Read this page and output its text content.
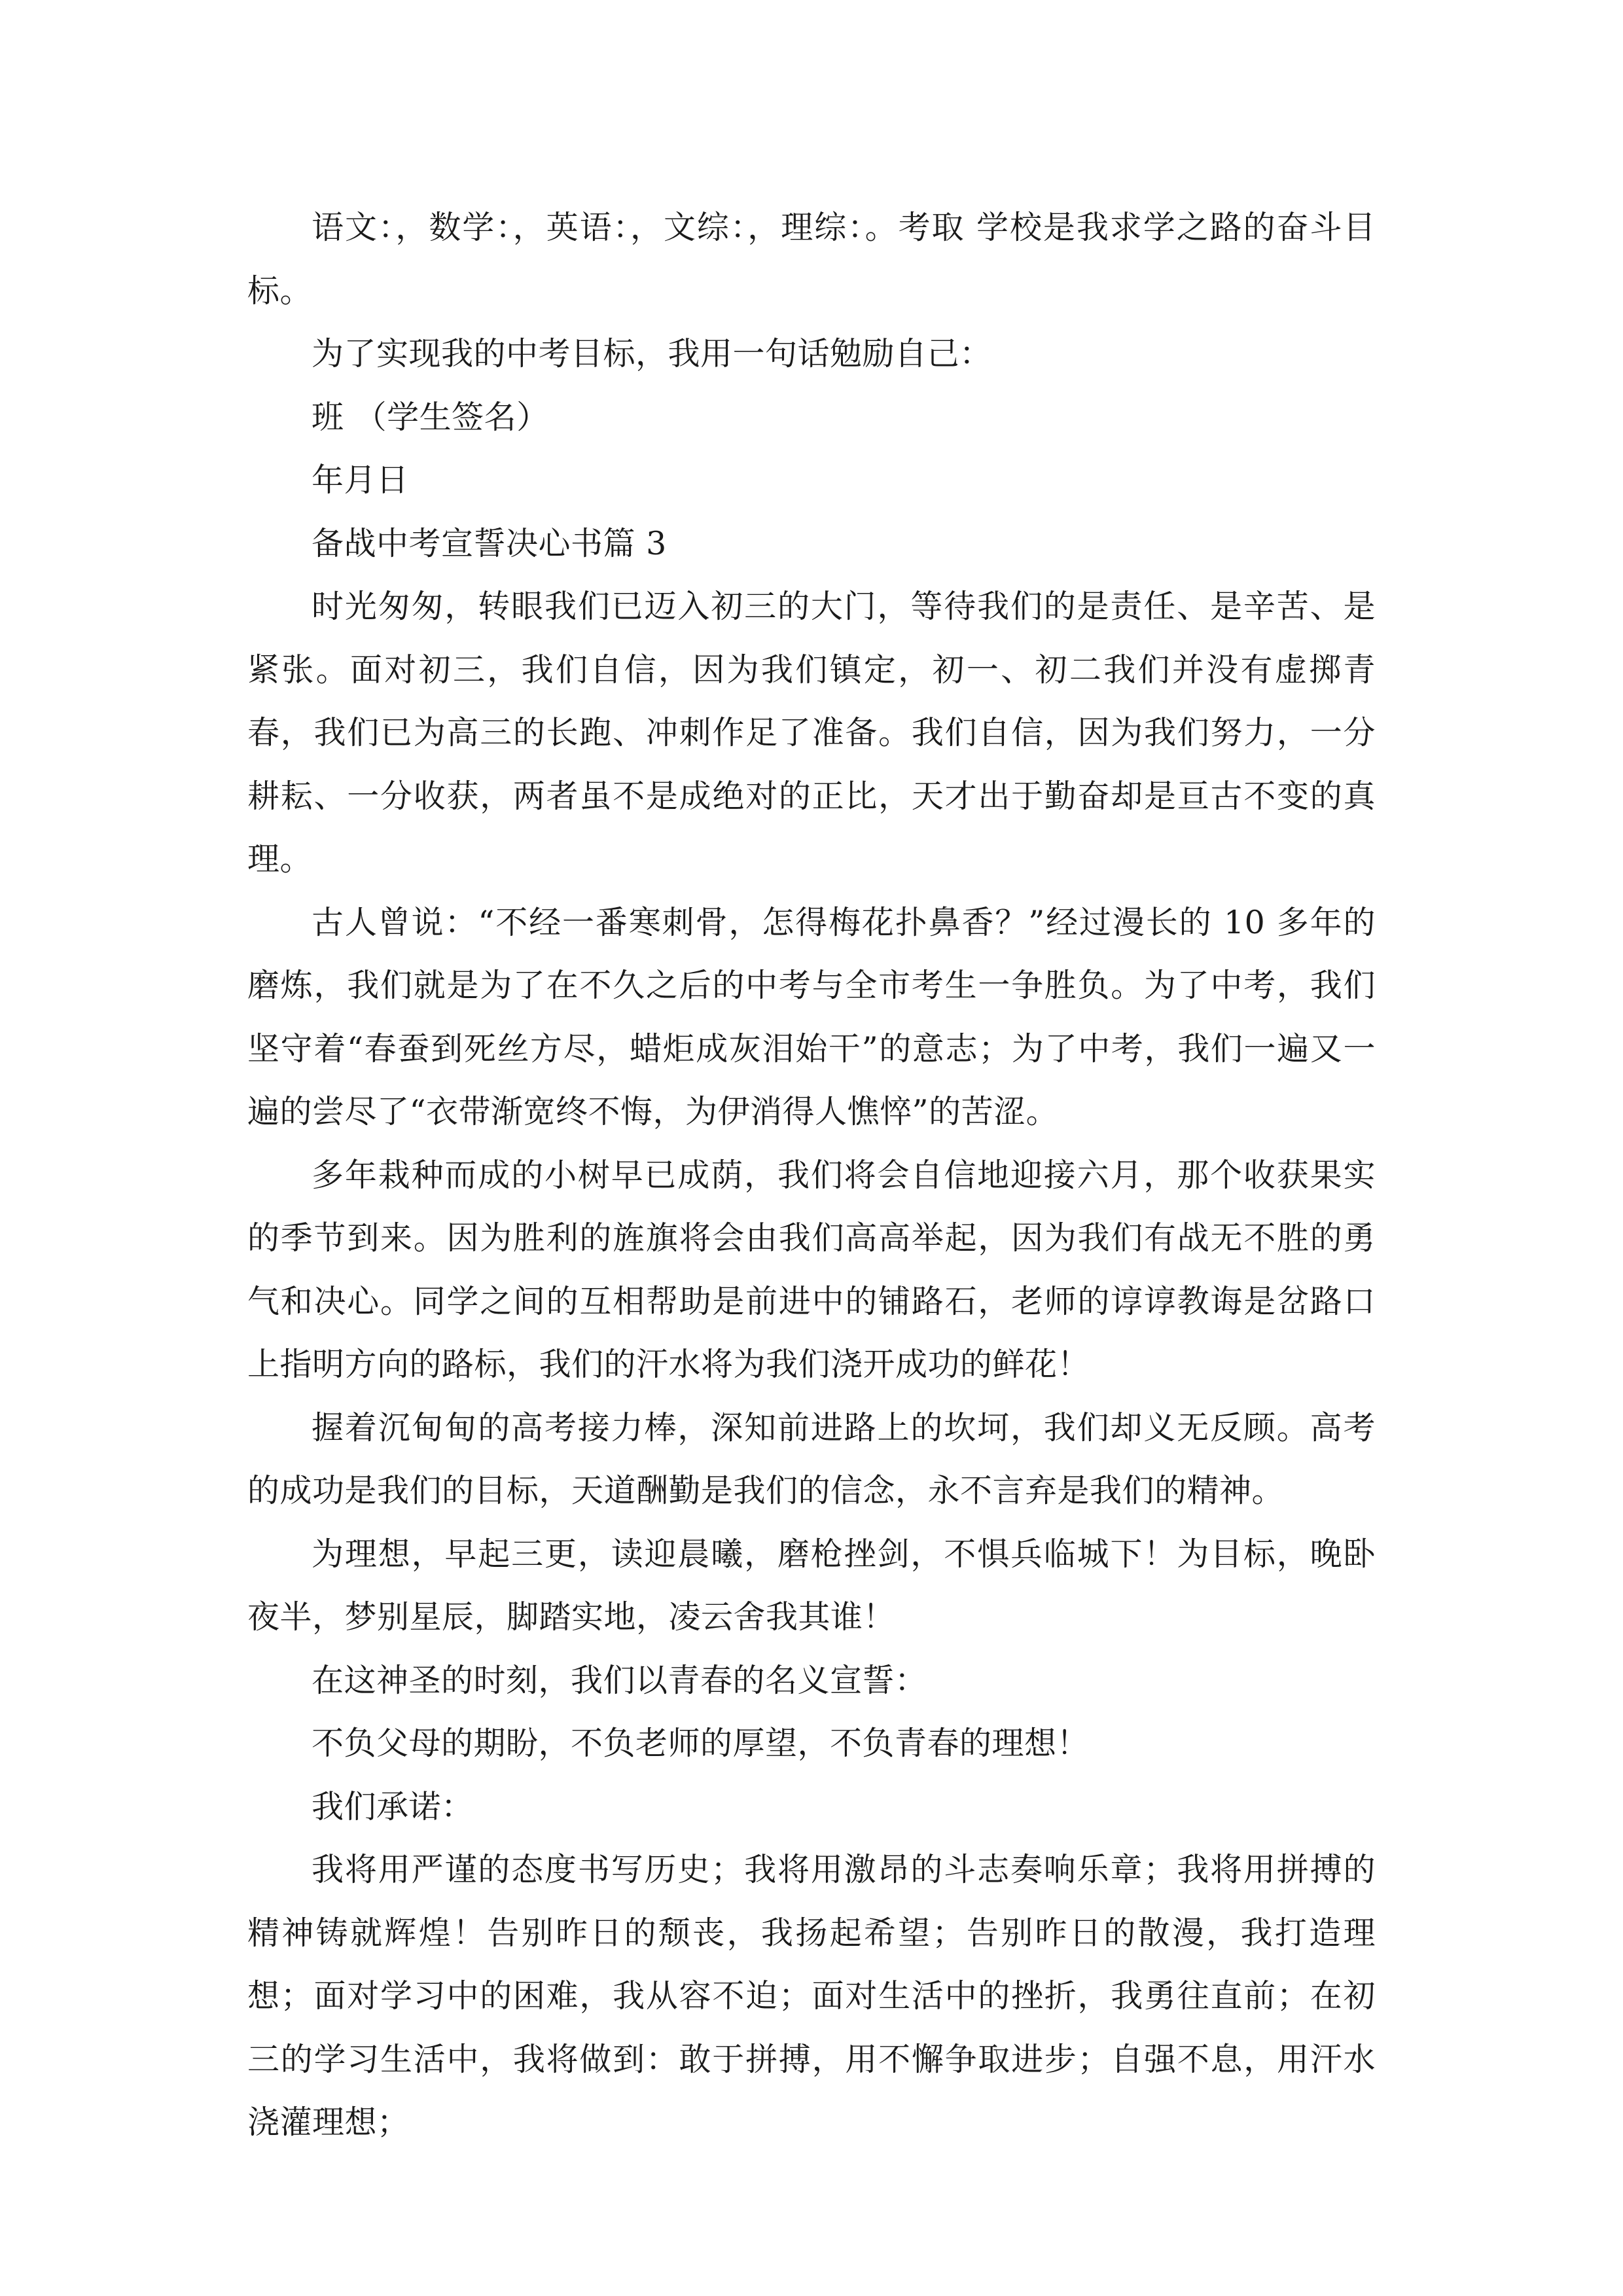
语文：，数学：，英语：，文综：，理综：。考取 学校是我求学之路的奋斗目标。

为了实现我的中考目标，我用一句话勉励自己：

班 （学生签名）

年月日

备战中考宣誓决心书篇 3

时光匆匆，转眼我们已迈入初三的大门，等待我们的是责任、是辛苦、是紧张。面对初三，我们自信，因为我们镇定，初一、初二我们并没有虚掷青春，我们已为高三的长跑、冲刺作足了准备。我们自信，因为我们努力，一分耕耘、一分收获，两者虽不是成绝对的正比，天才出于勤奋却是亘古不变的真理。

古人曾说：“不经一番寒刺骨，怎得梅花扑鼻香？”经过漫长的 10 多年的磨炼，我们就是为了在不久之后的中考与全市考生一争胜负。为了中考，我们坚守着“春蚕到死丝方尽，蜡炬成灰泪始干”的意志；为了中考，我们一遍又一遍的尝尽了“衣带渐宽终不悔，为伊消得人憔悴”的苦涩。

多年栽种而成的小树早已成荫，我们将会自信地迎接六月，那个收获果实的季节到来。因为胜利的旌旗将会由我们高高举起，因为我们有战无不胜的勇气和决心。同学之间的互相帮助是前进中的铺路石，老师的谆谆教诲是岔路口上指明方向的路标，我们的汗水将为我们浇开成功的鲜花！

握着沉甸甸的高考接力棒，深知前进路上的坎坷，我们却义无反顾。高考的成功是我们的目标，天道酬勤是我们的信念，永不言弃是我们的精神。

为理想，早起三更，读迎晨曦，磨枪挫剑，不惧兵临城下！为目标，晚卧夜半，梦别星辰，脚踏实地，凌云舍我其谁！

在这神圣的时刻，我们以青春的名义宣誓：

不负父母的期盼，不负老师的厚望，不负青春的理想！

我们承诺：

我将用严谨的态度书写历史；我将用激昂的斗志奏响乐章；我将用拼搏的精神铸就辉煌！告别昨日的颓丧，我扬起希望；告别昨日的散漫，我打造理想；面对学习中的困难，我从容不迫；面对生活中的挫折，我勇往直前；在初三的学习生活中，我将做到：敢于拼搏，用不懈争取进步；自强不息，用汗水浇灌理想；
